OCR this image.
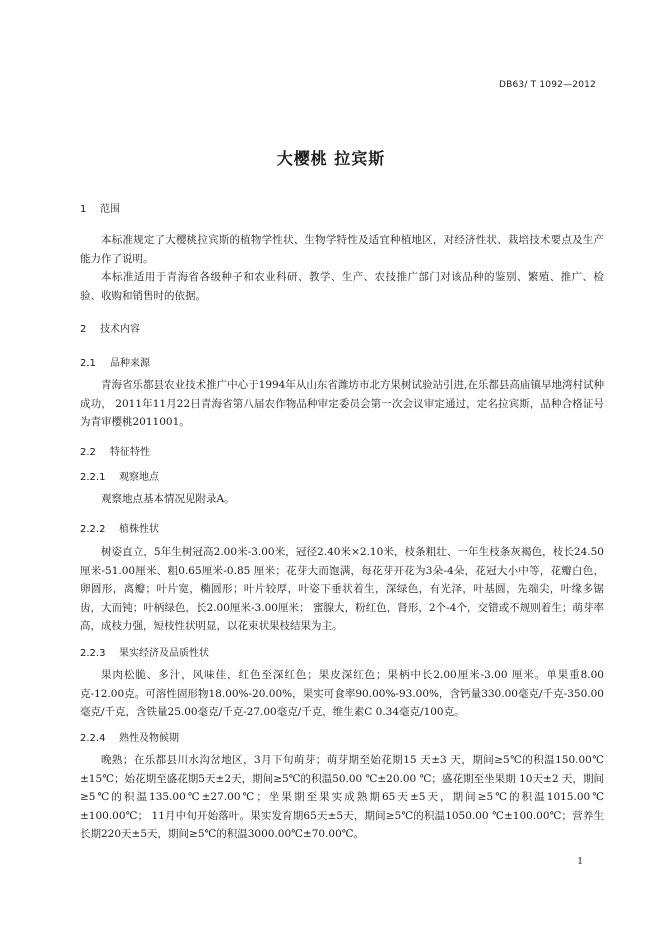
DB63/ T 1092—2012
大樱桃 拉宾斯
1 范围

本标准规定了大樱桃拉宾斯的植物学性状、生物学特性及适宜种植地区，对经济性状、栽培技术要点及生产能力作了说明。

本标准适用于青海省各级种子和农业科研、教学、生产、农技推广部门对该品种的鉴别、繁殖、推广、检验、收购和销售时的依据。

2 技术内容
2.1 品种来源

青海省乐都县农业技术推广中心于1994年从山东省潍坊市北方果树试验站引进,在乐都县高庙镇早地湾村试种成功， 2011年11月22日青海省第八届农作物品种审定委员会第一次会议审定通过，定名拉宾斯，品种合格证号为青审樱桃2011001。

2.2 特征特性
2.2.1 观察地点

观察地点基本情况见附录A。

2.2.2 植株性状

树姿直立，5年生树冠高2.00米-3.00米，冠径2.40米×2.10米，枝条粗壮、一年生枝条灰褐色，枝长24.50厘米-51.00厘米、粗0.65厘米-0.85 厘米；花芽大而饱满，每花芽开花为3朵-4朵，花冠大小中等，花瓣白色，卵圆形，离瓣；叶片宽，椭圆形；叶片较厚，叶姿下垂状着生，深绿色，有光泽，叶基圆，先端尖，叶缘多锯齿，大而钝；叶柄绿色，长2.00厘米-3.00厘米； 蜜腺大，粉红色，肾形，2个-4个，交错或不规则着生；萌芽率高，成枝力强，短枝性状明显，以花束状果枝结果为主。

2.2.3 果实经济及品质性状

果肉松脆、多汁，风味佳，红色至深红色；果皮深红色；果柄中长2.00厘米-3.00 厘米。单果重8.00克-12.00克。可溶性固形物18.00%-20.00%，果实可食率90.00%-93.00%，含钙量330.00毫克/千克-350.00毫克/千克，含铁量25.00毫克/千克-27.00毫克/千克，维生素C 0.34毫克/100克。

2.2.4 熟性及物候期

晚熟；在乐都县川水沟岔地区，3月下旬萌芽；萌芽期至始花期15 天±3 天，期间≥5℃的积温150.00℃±15℃；始花期至盛花期5天±2天，期间≥5℃的积温50.00 ℃±20.00 ℃；盛花期至坐果期 10天±2 天，期间≥5℃的积温135.00℃±27.00℃；坐果期至果实成熟期65天±5天，期间≥5℃的积温1015.00℃±100.00℃； 11月中旬开始落叶。果实发育期65天±5天，期间≥5℃的积温1050.00 ℃±100.00℃；营养生长期220天±5天，期间≥5℃的积温3000.00℃±70.00℃。

1
